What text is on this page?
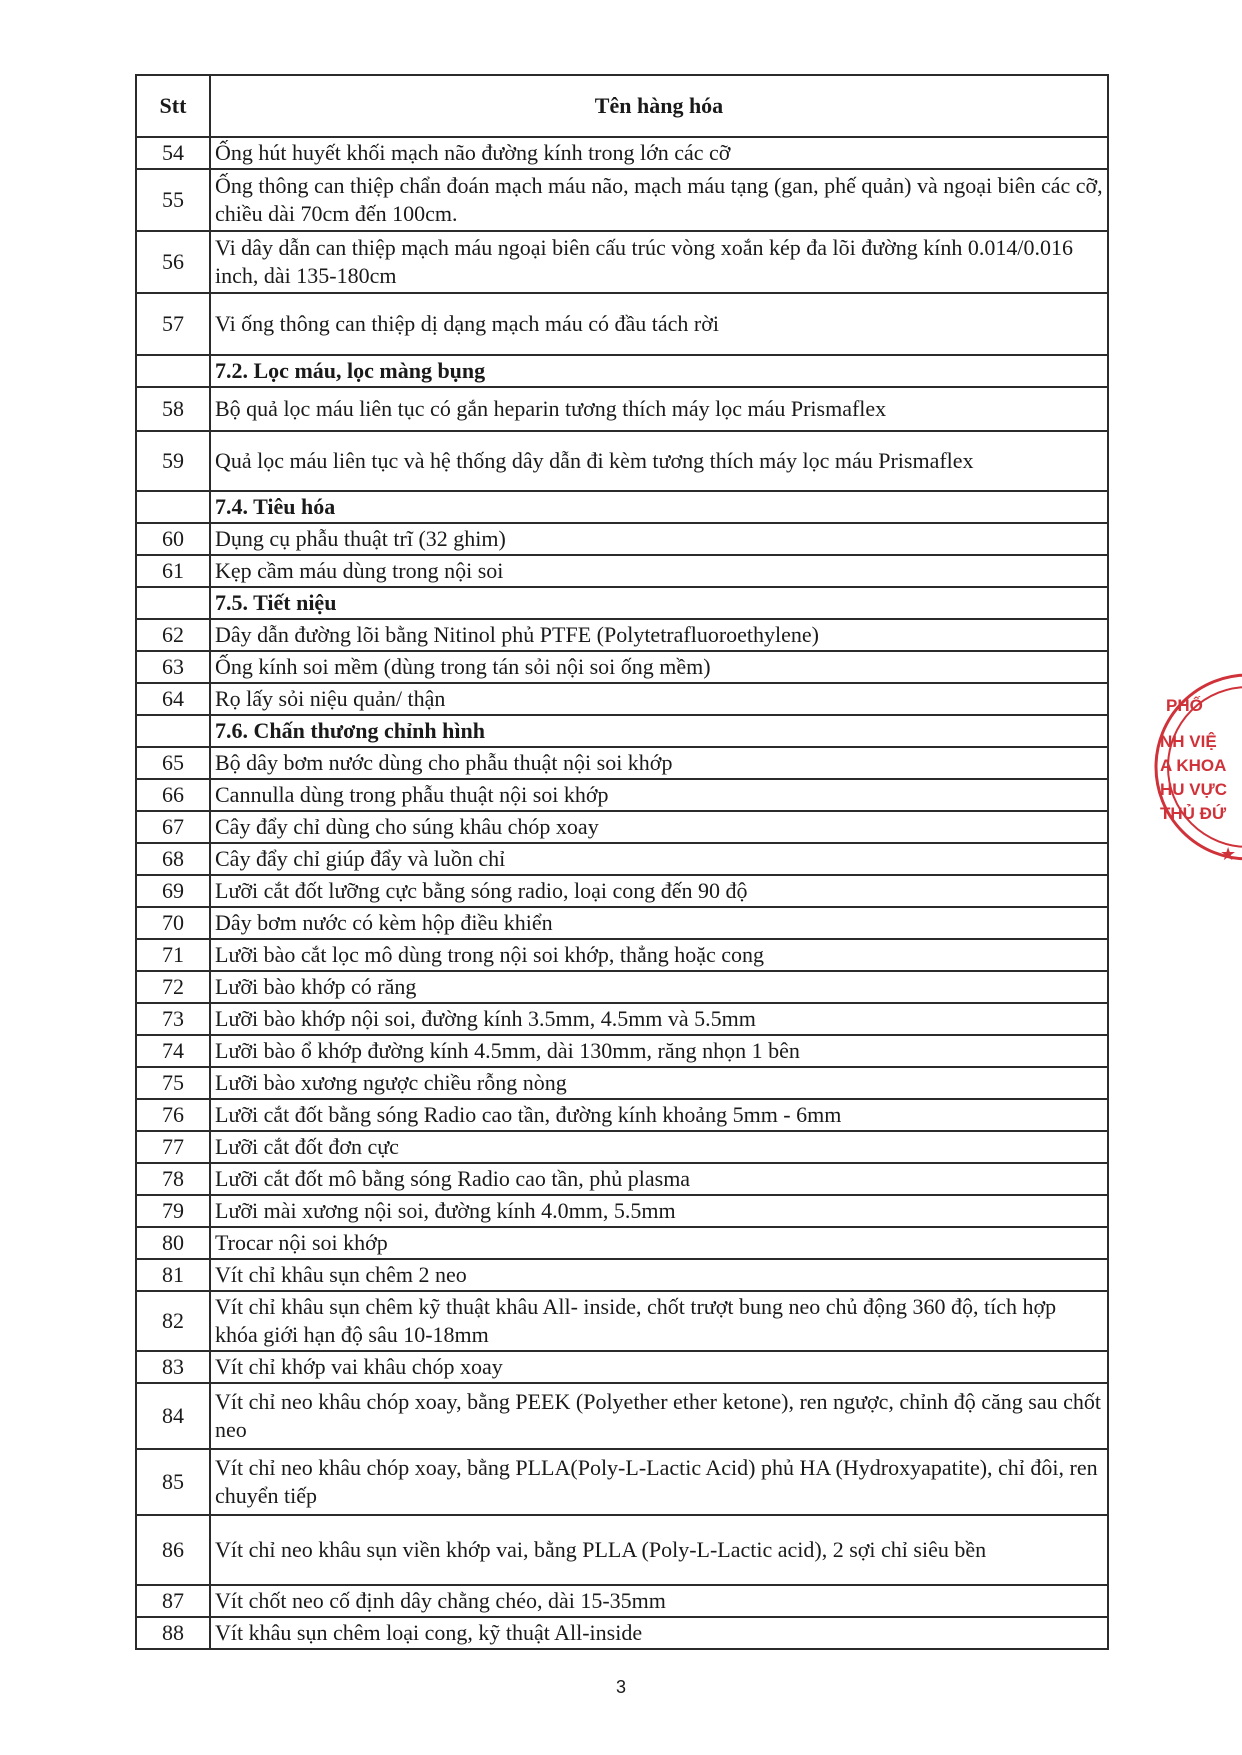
Stt	Tên hàng hóa
54	Ống hút huyết khối mạch não đường kính trong lớn các cỡ
55	Ống thông can thiệp chẩn đoán mạch máu não, mạch máu tạng (gan, phế quản) và ngoại biên các cỡ, chiều dài 70cm đến 100cm.
56	Vi dây dẫn can thiệp mạch máu ngoại biên cấu trúc vòng xoắn kép đa lõi đường kính 0.014/0.016 inch, dài 135-180cm
57	Vi ống thông can thiệp dị dạng mạch máu có đầu tách rời
	7.2. Lọc máu, lọc màng bụng
58	Bộ quả lọc máu liên tục có gắn heparin tương thích máy lọc máu Prismaflex
59	Quả lọc máu liên tục và hệ thống dây dẫn đi kèm tương thích máy lọc máu Prismaflex
	7.4. Tiêu hóa
60	Dụng cụ phẫu thuật trĩ (32 ghim)
61	Kẹp cầm máu dùng trong nội soi
	7.5. Tiết niệu
62	Dây dẫn đường lõi bằng Nitinol phủ PTFE (Polytetrafluoroethylene)
63	Ống kính soi mềm (dùng trong tán sỏi nội soi ống mềm)
64	Rọ lấy sỏi niệu quản/ thận
	7.6. Chấn thương chỉnh hình
65	Bộ dây bơm nước dùng cho phẫu thuật nội soi khớp
66	Cannulla dùng trong phẫu thuật nội soi khớp
67	Cây đẩy chỉ dùng cho súng khâu chóp xoay
68	Cây đẩy chỉ giúp đẩy và luồn chỉ
69	Lưỡi cắt đốt lưỡng cực bằng sóng radio, loại cong đến 90 độ
70	Dây bơm nước có kèm hộp điều khiển
71	Lưỡi bào cắt lọc mô dùng trong nội soi khớp, thẳng hoặc cong
72	Lưỡi bào khớp có răng
73	Lưỡi bào khớp nội soi, đường kính 3.5mm, 4.5mm và 5.5mm
74	Lưỡi bào ổ khớp đường kính 4.5mm, dài 130mm, răng nhọn 1 bên
75	Lưỡi bào xương ngược chiều rỗng nòng
76	Lưỡi cắt đốt bằng sóng Radio cao tần, đường kính khoảng 5mm - 6mm
77	Lưỡi cắt đốt đơn cực
78	Lưỡi cắt đốt mô bằng sóng Radio cao tần, phủ plasma
79	Lưỡi mài xương nội soi, đường kính 4.0mm, 5.5mm
80	Trocar nội soi khớp
81	Vít chỉ khâu sụn chêm 2 neo
82	Vít chỉ khâu sụn chêm kỹ thuật khâu All- inside, chốt trượt bung neo chủ động 360 độ, tích hợp khóa giới hạn độ sâu 10-18mm
83	Vít chỉ khớp vai khâu chóp xoay
84	Vít chỉ neo khâu chóp xoay, bằng PEEK (Polyether ether ketone), ren ngược, chỉnh độ căng sau chốt neo
85	Vít chỉ neo khâu chóp xoay, bằng PLLA(Poly-L-Lactic Acid) phủ HA (Hydroxyapatite), chỉ đôi, ren chuyển tiếp
86	Vít chỉ neo khâu sụn viền khớp vai, bằng PLLA (Poly-L-Lactic acid), 2 sợi chỉ siêu bền
87	Vít chốt neo cố định dây chằng chéo, dài 15-35mm
88	Vít khâu sụn chêm loại cong, kỹ thuật All-inside
3
★
PHỐ
NH VIỆ
A KHOA
HU VỰC
THỦ ĐỨ
